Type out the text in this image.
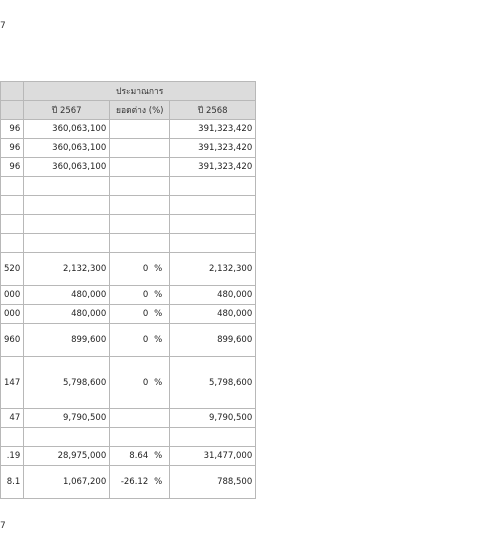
7
	ประมาณการ		
	ปี 2567	ยอดต่าง (%)	ปี 2568
96	360,063,100		391,323,420
96	360,063,100		391,323,420
96	360,063,100		391,323,420

520	2,132,300	0 %	2,132,300
000	480,000	0 %	480,000
000	480,000	0 %	480,000
960	899,600	0 %	899,600
147	5,798,600	0 %	5,798,600
47	9,790,500		9,790,500

.19	28,975,000	8.64 %	31,477,000
8.1	1,067,200	-26.12 %	788,500
7
